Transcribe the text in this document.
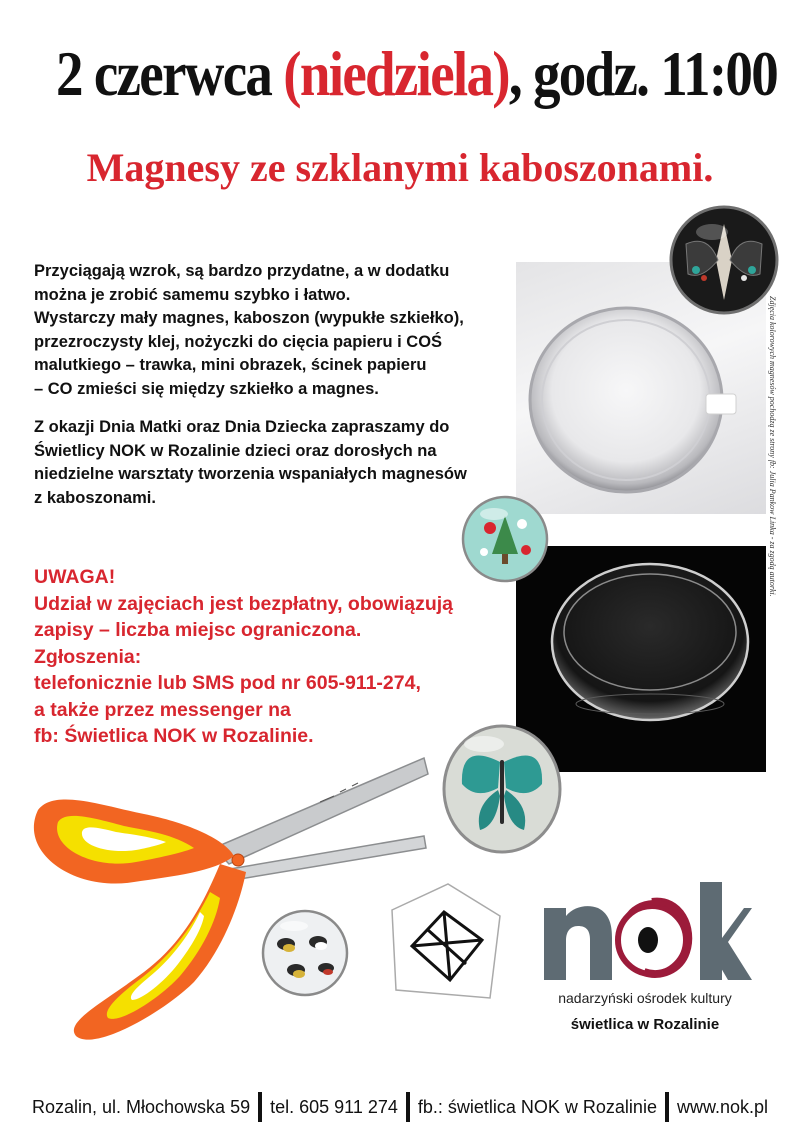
2 czerwca (niedziela), godz. 11:00
Magnesy ze szklanymi kaboszonami.

Przyciągają wzrok, są bardzo przydatne, a w dodatku

można je zrobić samemu szybko i łatwo.

Wystarczy mały magnes, kaboszon (wypukłe szkiełko),

przezroczysty klej, nożyczki do cięcia papieru i COŚ

malutkiego – trawka, mini obrazek, ścinek papieru

– CO zmieści się między szkiełko a magnes.

Z okazji Dnia Matki oraz Dnia Dziecka zapraszamy do

Świetlicy NOK w Rozalinie dzieci oraz dorosłych na

niedzielne warsztaty tworzenia wspaniałych magnesów

z kaboszonami.

UWAGA!

Udział w zajęciach jest bezpłatny, obowiązują

zapisy – liczba miejsc ograniczona.

Zgłoszenia:

telefonicznie lub SMS pod nr 605-911-274,

a także przez messenger na

fb: Świetlica NOK w Rozalinie.

Zdjęcia kolorowych magnesów pochodzą ze strony fb: Julia Pankow Linka - za zgodą autorki.
nadarzyński ośrodek kultury
świetlica w Rozalinie
Rozalin, ul. Młochowska 59 tel. 605 911 274 fb.: świetlica NOK w Rozalinie www.nok.pl
